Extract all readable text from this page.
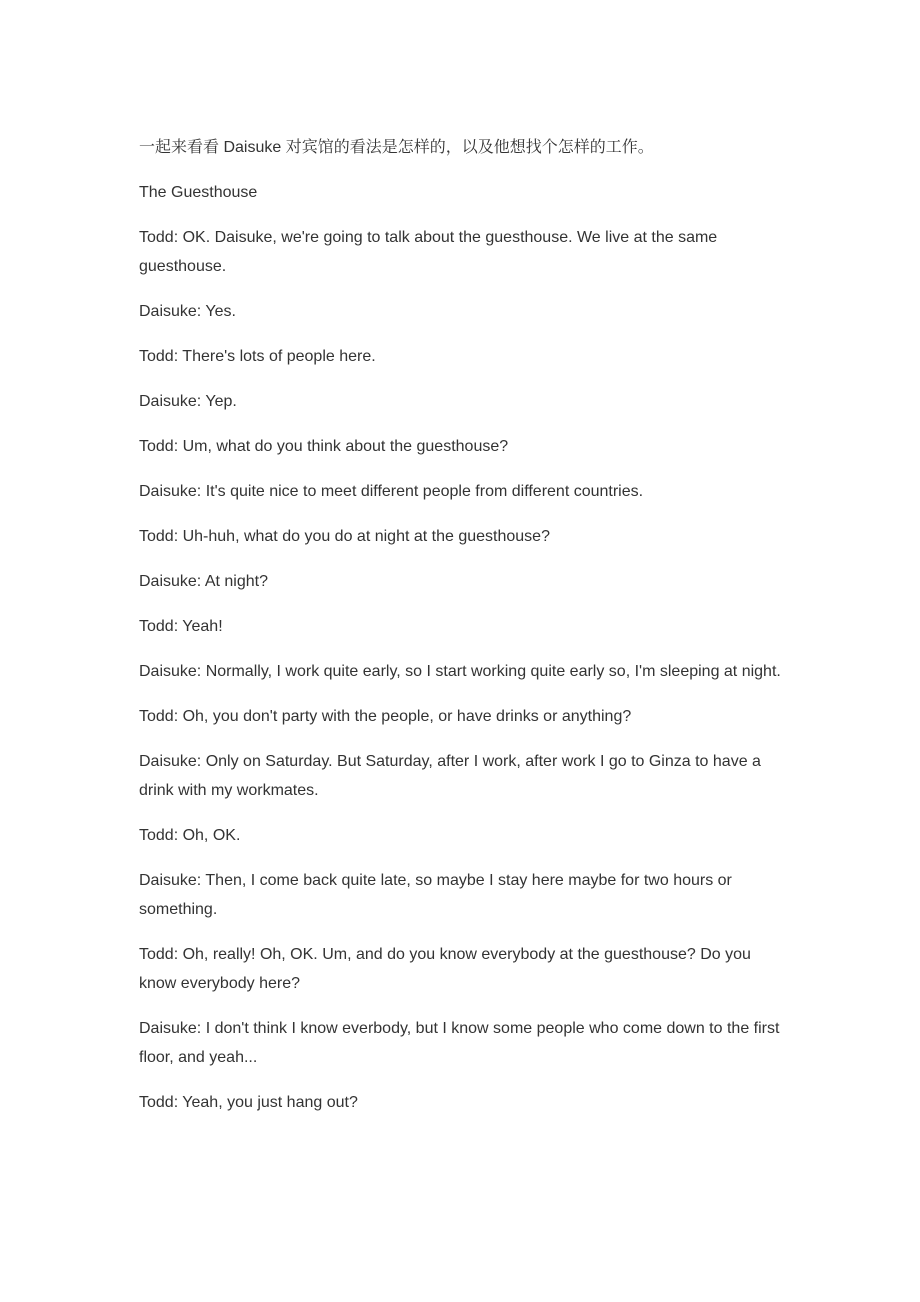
一起来看看 Daisuke 对宾馆的看法是怎样的，以及他想找个怎样的工作。

The Guesthouse

Todd: OK. Daisuke, we're going to talk about the guesthouse. We live at the same guesthouse.

Daisuke: Yes.

Todd: There's lots of people here.

Daisuke: Yep.

Todd: Um, what do you think about the guesthouse?

Daisuke: It's quite nice to meet different people from different countries.

Todd: Uh-huh, what do you do at night at the guesthouse?

Daisuke: At night?

Todd: Yeah!

Daisuke: Normally, I work quite early, so I start working quite early so, I'm sleeping at night.

Todd: Oh, you don't party with the people, or have drinks or anything?

Daisuke: Only on Saturday. But Saturday, after I work, after work I go to Ginza to have a drink with my workmates.

Todd: Oh, OK.

Daisuke: Then, I come back quite late, so maybe I stay here maybe for two hours or something.

Todd: Oh, really! Oh, OK. Um, and do you know everybody at the guesthouse? Do you know everybody here?

Daisuke: I don't think I know everbody, but I know some people who come down to the first floor, and yeah...

Todd: Yeah, you just hang out?
